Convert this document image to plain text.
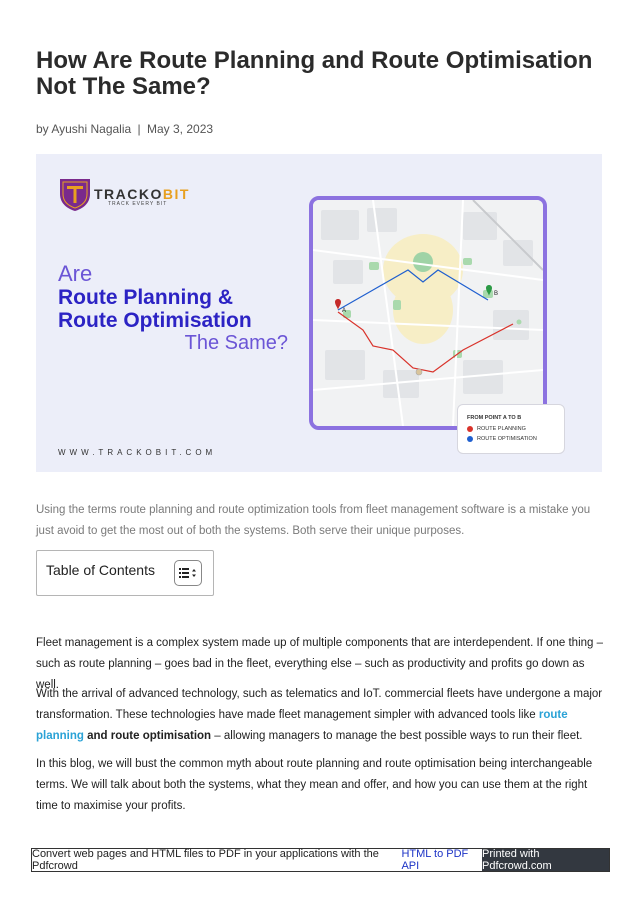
How Are Route Planning and Route Optimisation Not The Same?
by Ayushi Nagalia | May 3, 2023
TRACKOBIT
TRACK EVERY BIT
Are
Route Planning &
Route Optimisation
The Same?
WWW.TRACKOBIT.COM
A
B
FROM POINT A TO B
ROUTE PLANNING
ROUTE OPTIMISATION

Using the terms route planning and route optimization tools from fleet management software is a mistake you just avoid to get the most out of both the systems. Both serve their unique purposes.

Table of Contents

Fleet management is a complex system made up of multiple components that are interdependent. If one thing – such as route planning – goes bad in the fleet, everything else – such as productivity and profits go down as well.

With the arrival of advanced technology, such as telematics and IoT. commercial fleets have undergone a major transformation. These technologies have made fleet management simpler with advanced tools like route planning and route optimisation – allowing managers to manage the best possible ways to run their fleet.

In this blog, we will bust the common myth about route planning and route optimisation being interchangeable terms. We will talk about both the systems, what they mean and offer, and how you can use them at the right time to maximise your profits.

Convert web pages and HTML files to PDF in your applications with the Pdfcrowd
HTML to PDF API
Printed with Pdfcrowd.com
